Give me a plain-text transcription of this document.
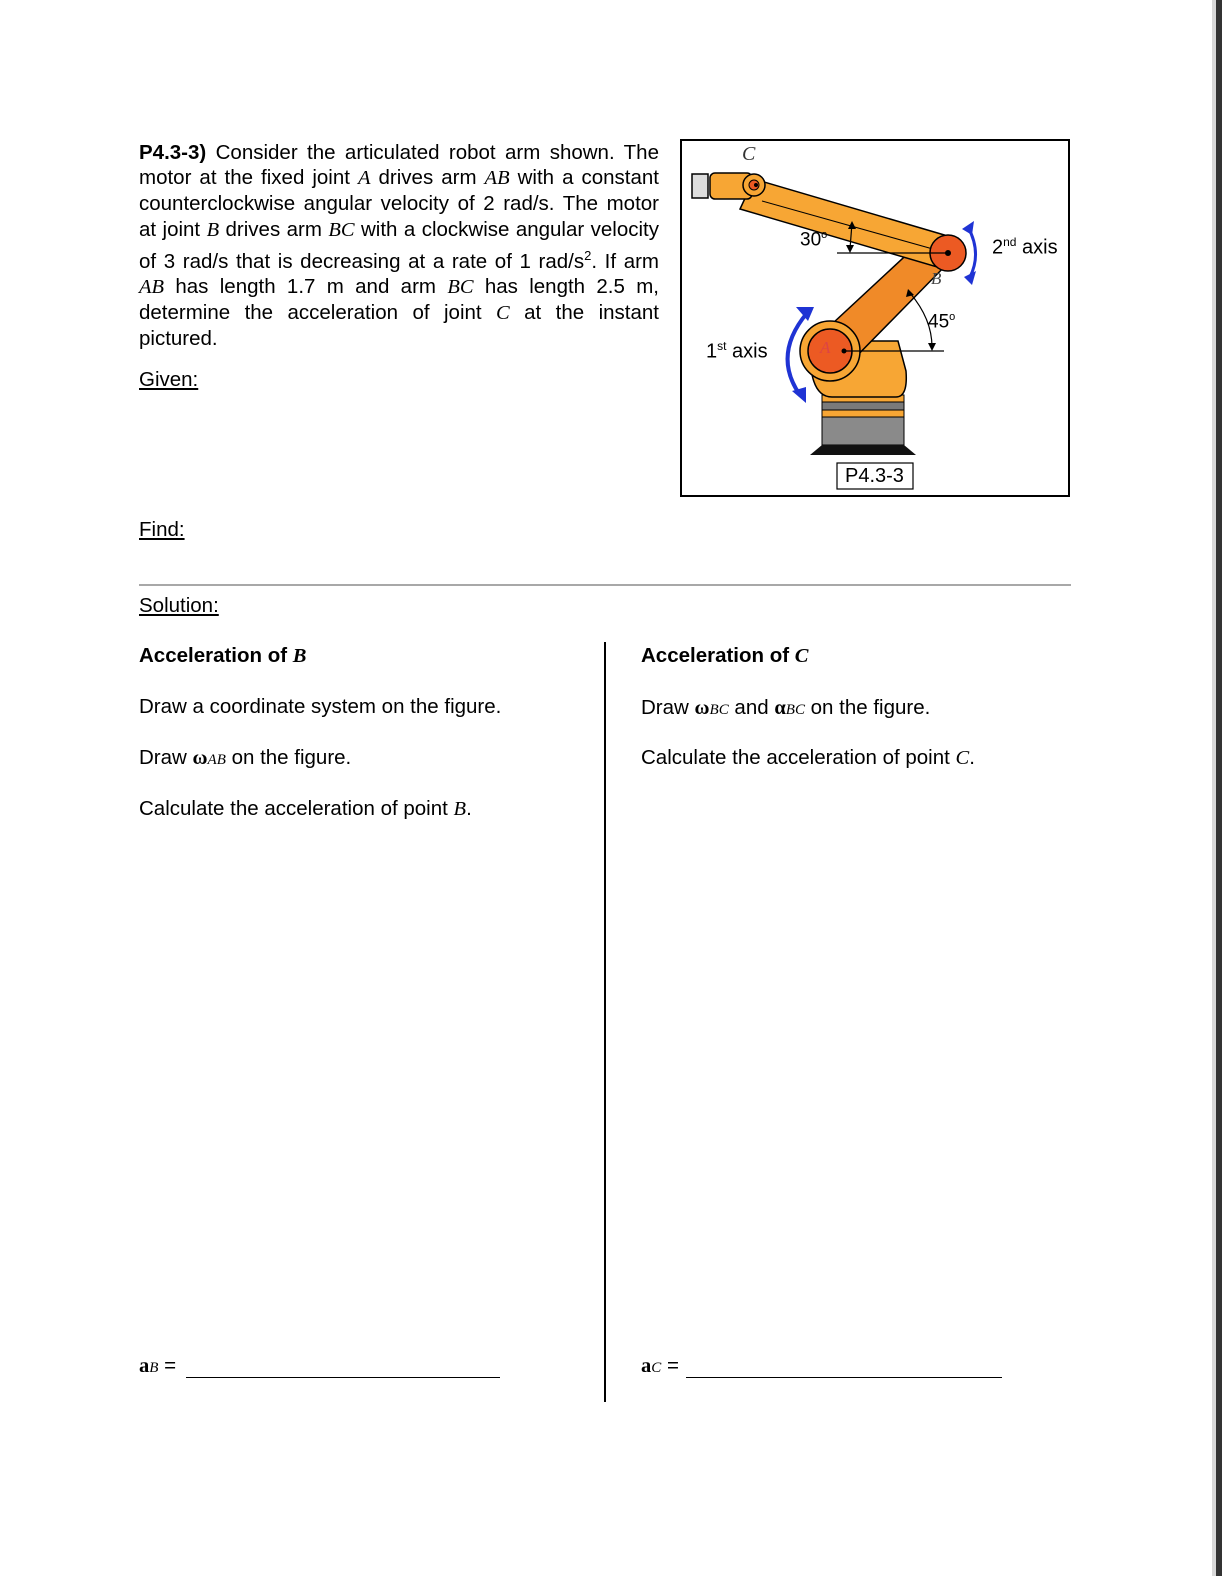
P4.3-3) Consider the articulated robot arm shown. The motor at the fixed joint A drives arm AB with a constant counterclockwise angular velocity of 2 rad/s. The motor at joint B drives arm BC with a clockwise angular velocity of 3 rad/s that is decreasing at a rate of 1 rad/$s^2$. If arm AB has length 1.7 m and arm BC has length 2.5 m, determine the acceleration of joint C at the instant pictured.
Given:
Find:
C
B
A
30$^o$
45$^o$
1st axis
2nd axis
P4.3-3
Solution:
Acceleration of B
Draw a coordinate system on the figure.
Draw ωAB on the figure.
Calculate the acceleration of point B.
aB =
Acceleration of C
Draw ωBC and αBC on the figure.
Calculate the acceleration of point C.
aC =
